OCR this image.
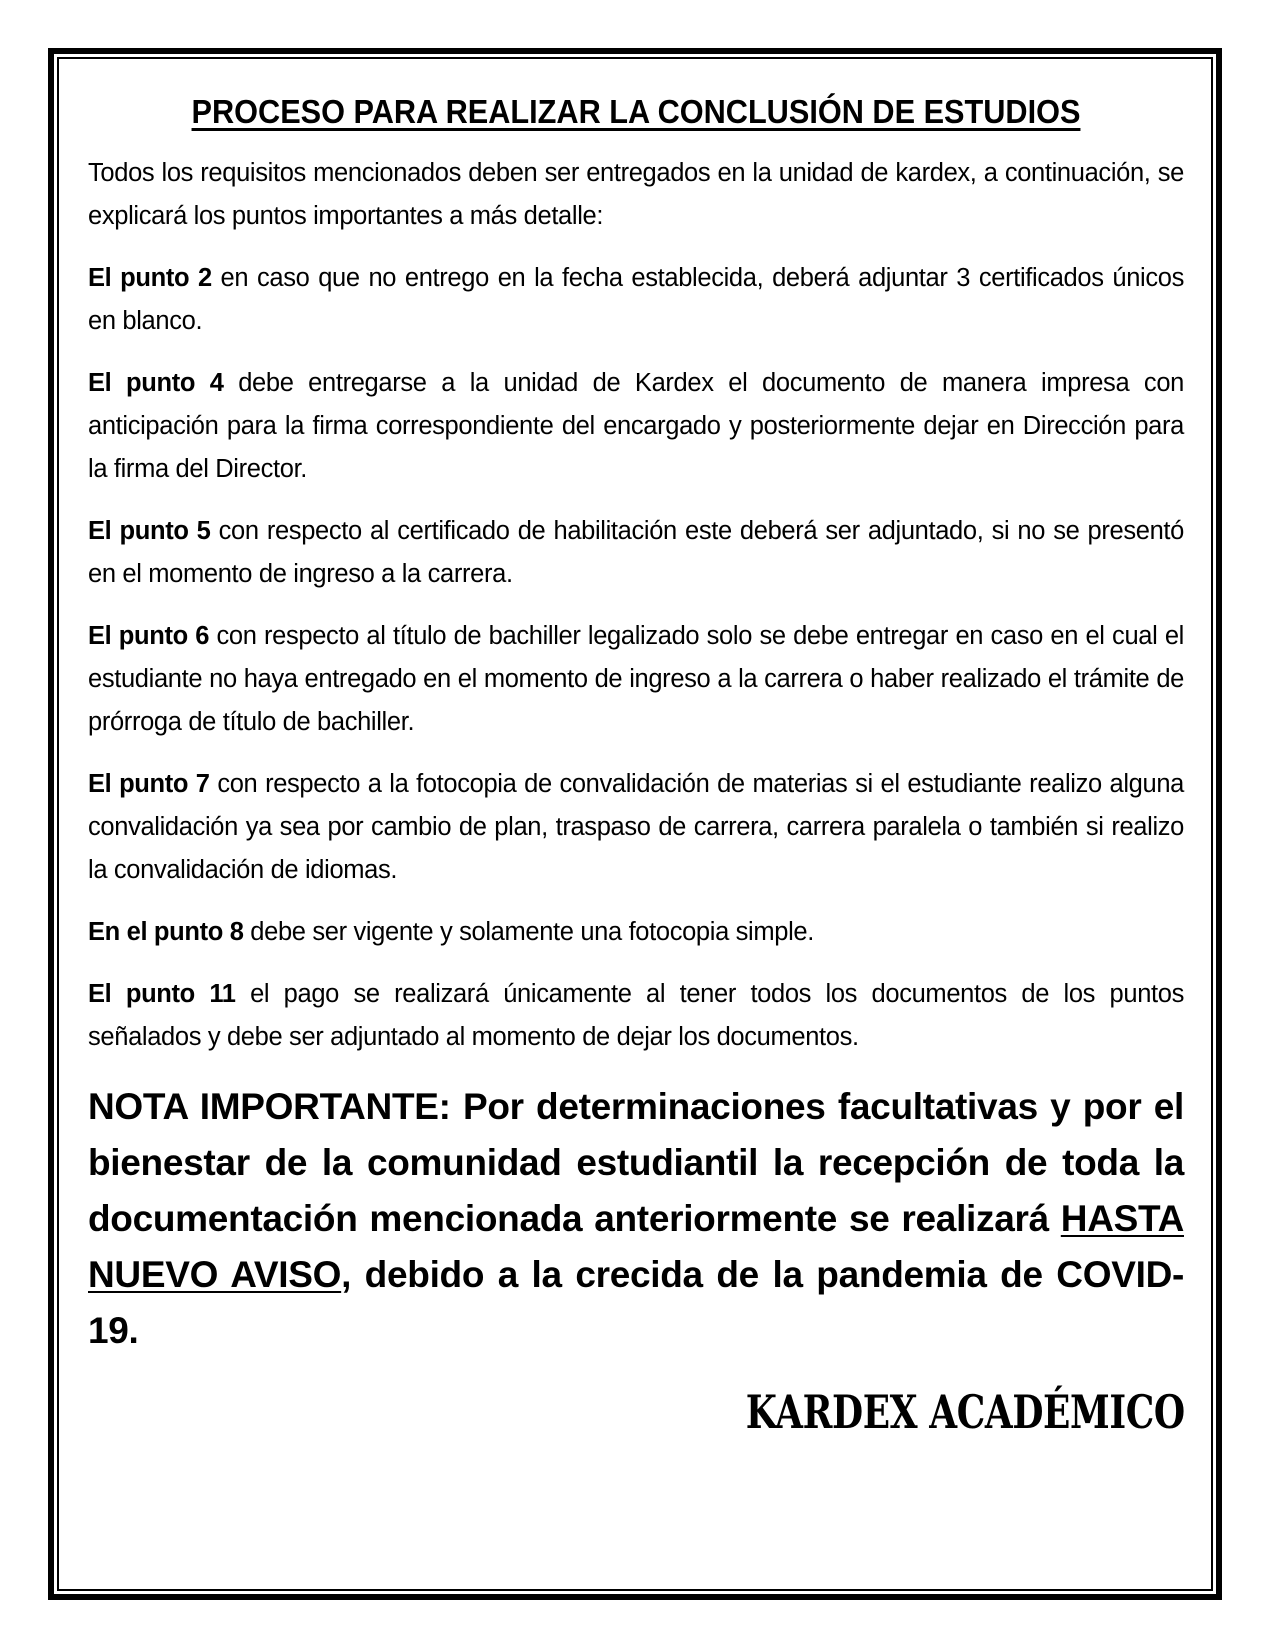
PROCESO PARA REALIZAR LA CONCLUSIÓN DE ESTUDIOS

Todos los requisitos mencionados deben ser entregados en la unidad de kardex, a continuación, se explicará los puntos importantes a más detalle:

El punto 2 en caso que no entrego en la fecha establecida, deberá adjuntar 3 certificados únicos en blanco.

El punto 4 debe entregarse a la unidad de Kardex el documento de manera impresa con anticipación para la firma correspondiente del encargado y posteriormente dejar en Dirección para la firma del Director.

El punto 5 con respecto al certificado de habilitación este deberá ser adjuntado, si no se presentó en el momento de ingreso a la carrera.

El punto 6 con respecto al título de bachiller legalizado solo se debe entregar en caso en el cual el estudiante no haya entregado en el momento de ingreso a la carrera o haber realizado el trámite de prórroga de título de bachiller.

El punto 7 con respecto a la fotocopia de convalidación de materias si el estudiante realizo alguna convalidación ya sea por cambio de plan, traspaso de carrera, carrera paralela o también si realizo la convalidación de idiomas.

En el punto 8 debe ser vigente y solamente una fotocopia simple.

El punto 11 el pago se realizará únicamente al tener todos los documentos de los puntos señalados y debe ser adjuntado al momento de dejar los documentos.

NOTA IMPORTANTE: Por determinaciones facultativas y por el bienestar de la comunidad estudiantil la recepción de toda la documentación mencionada anteriormente se realizará HASTA NUEVO AVISO, debido a la crecida de la pandemia de COVID-19.

KARDEX ACADÉMICO
